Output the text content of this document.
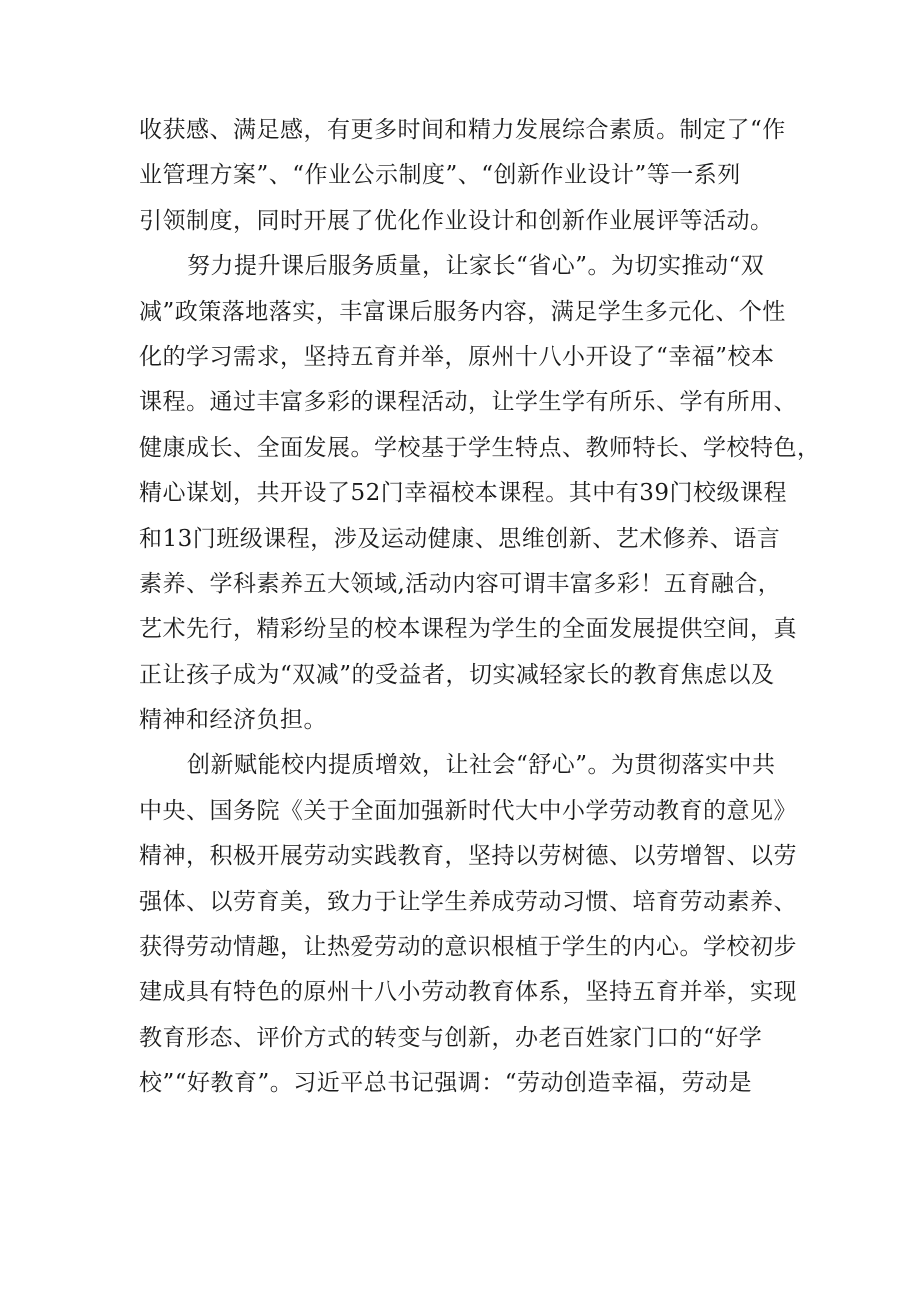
收获感、满足感，有更多时间和精力发展综合素质。制定了“作
业管理方案”、“作业公示制度”、“创新作业设计”等一系列
引领制度，同时开展了优化作业设计和创新作业展评等活动。
努力提升课后服务质量，让家长“省心”。为切实推动“双
减”政策落地落实，丰富课后服务内容，满足学生多元化、个性
化的学习需求，坚持五育并举，原州十八小开设了“幸福”校本
课程。通过丰富多彩的课程活动，让学生学有所乐、学有所用、
健康成长、全面发展。学校基于学生特点、教师特长、学校特色，
精心谋划，共开设了52门幸福校本课程。其中有39门校级课程
和13门班级课程，涉及运动健康、思维创新、艺术修养、语言
素养、学科素养五大领域,活动内容可谓丰富多彩！五育融合，
艺术先行，精彩纷呈的校本课程为学生的全面发展提供空间，真
正让孩子成为“双减”的受益者，切实减轻家长的教育焦虑以及
精神和经济负担。
创新赋能校内提质增效，让社会“舒心”。为贯彻落实中共
中央、国务院《关于全面加强新时代大中小学劳动教育的意见》
精神，积极开展劳动实践教育，坚持以劳树德、以劳增智、以劳
强体、以劳育美，致力于让学生养成劳动习惯、培育劳动素养、
获得劳动情趣，让热爱劳动的意识根植于学生的内心。学校初步
建成具有特色的原州十八小劳动教育体系，坚持五育并举，实现
教育形态、评价方式的转变与创新，办老百姓家门口的“好学
校”“好教育”。习近平总书记强调：“劳动创造幸福，劳动是
